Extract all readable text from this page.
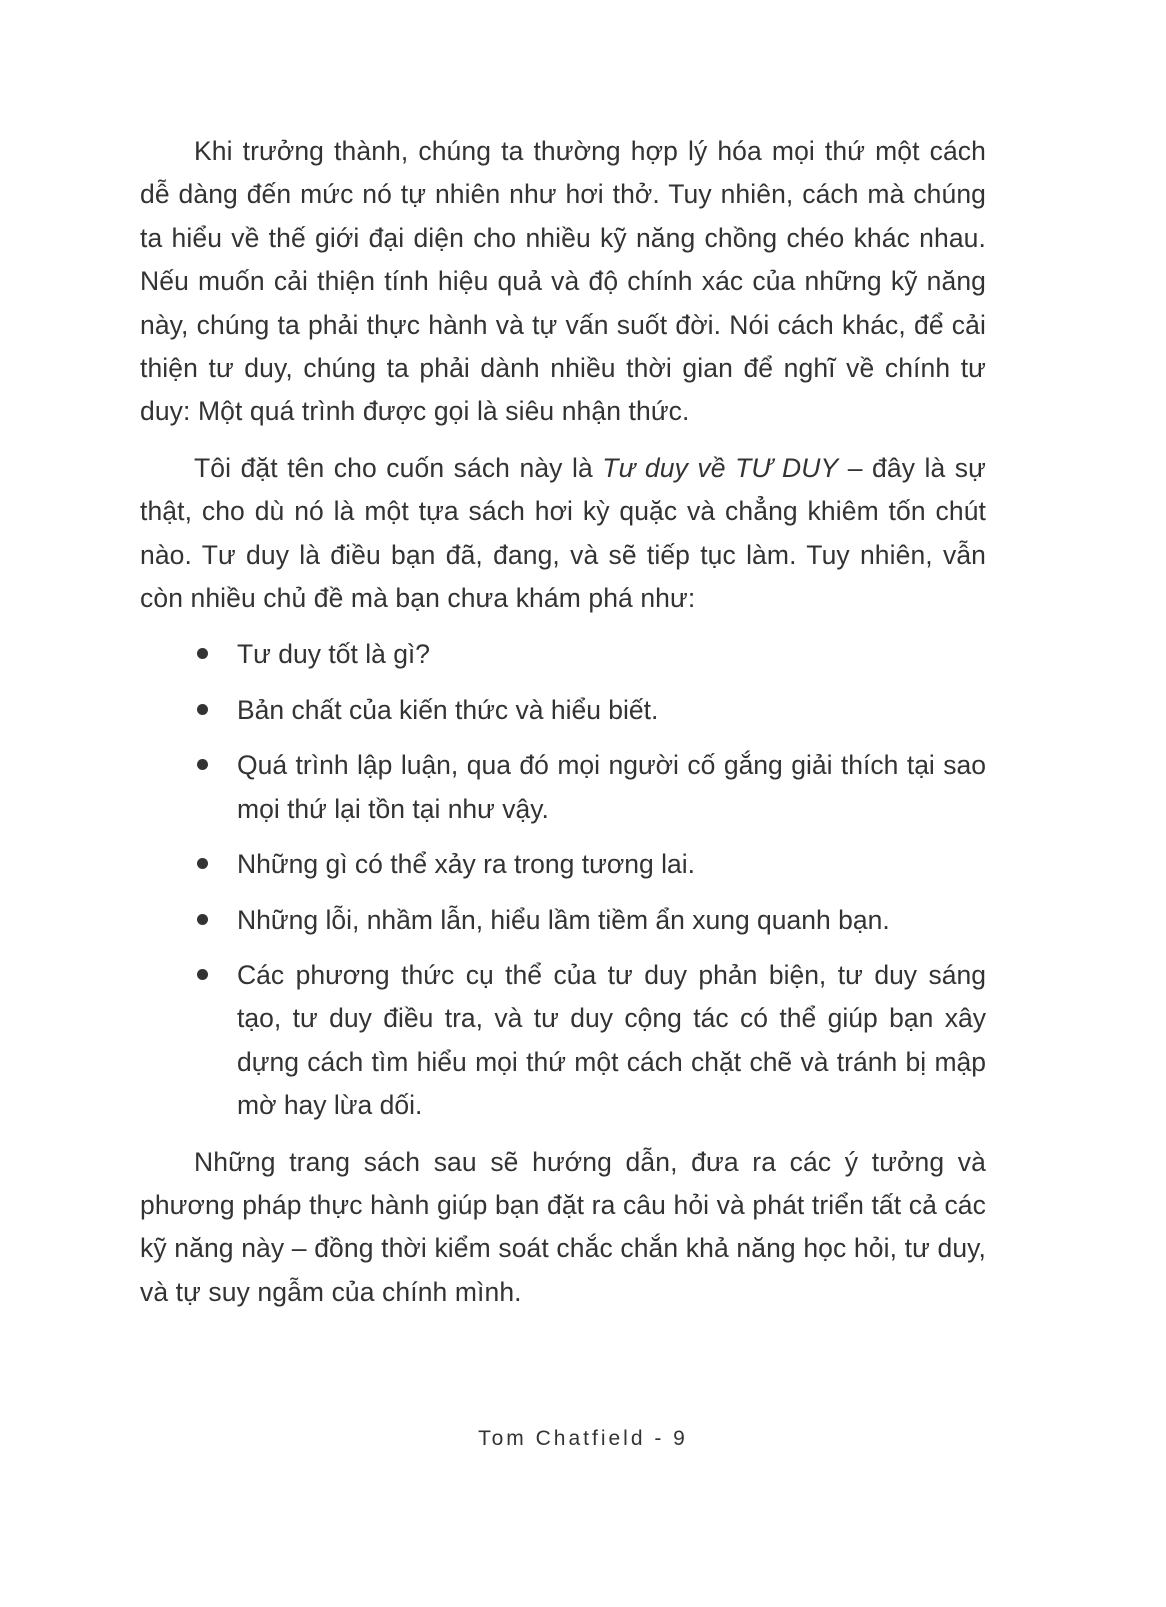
Khi trưởng thành, chúng ta thường hợp lý hóa mọi thứ một cách dễ dàng đến mức nó tự nhiên như hơi thở. Tuy nhiên, cách mà chúng ta hiểu về thế giới đại diện cho nhiều kỹ năng chồng chéo khác nhau. Nếu muốn cải thiện tính hiệu quả và độ chính xác của những kỹ năng này, chúng ta phải thực hành và tự vấn suốt đời. Nói cách khác, để cải thiện tư duy, chúng ta phải dành nhiều thời gian để nghĩ về chính tư duy: Một quá trình được gọi là siêu nhận thức.

Tôi đặt tên cho cuốn sách này là Tư duy về TƯ DUY – đây là sự thật, cho dù nó là một tựa sách hơi kỳ quặc và chẳng khiêm tốn chút nào. Tư duy là điều bạn đã, đang, và sẽ tiếp tục làm. Tuy nhiên, vẫn còn nhiều chủ đề mà bạn chưa khám phá như:

Tư duy tốt là gì?
Bản chất của kiến thức và hiểu biết.
Quá trình lập luận, qua đó mọi người cố gắng giải thích tại sao mọi thứ lại tồn tại như vậy.
Những gì có thể xảy ra trong tương lai.
Những lỗi, nhầm lẫn, hiểu lầm tiềm ẩn xung quanh bạn.
Các phương thức cụ thể của tư duy phản biện, tư duy sáng tạo, tư duy điều tra, và tư duy cộng tác có thể giúp bạn xây dựng cách tìm hiểu mọi thứ một cách chặt chẽ và tránh bị mập mờ hay lừa dối.

Những trang sách sau sẽ hướng dẫn, đưa ra các ý tưởng và phương pháp thực hành giúp bạn đặt ra câu hỏi và phát triển tất cả các kỹ năng này – đồng thời kiểm soát chắc chắn khả năng học hỏi, tư duy, và tự suy ngẫm của chính mình.

Tom Chatfield - 9
